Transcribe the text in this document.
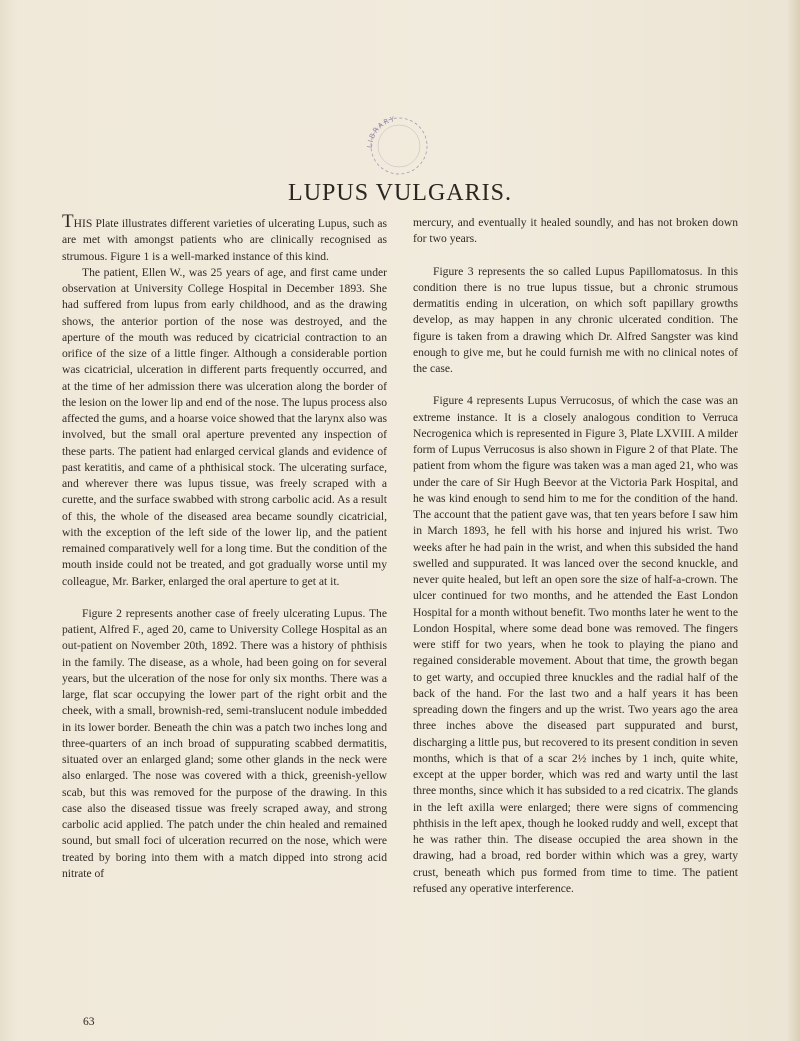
LIBRARY
LUPUS VULGARIS.

THIS Plate illustrates different varieties of ulcerating Lupus, such as are met with amongst patients who are clinically recognised as strumous. Figure 1 is a well-marked instance of this kind.

The patient, Ellen W., was 25 years of age, and first came under observation at University College Hospital in December 1893. She had suffered from lupus from early childhood, and as the drawing shows, the anterior portion of the nose was destroyed, and the aperture of the mouth was reduced by cicatricial contraction to an orifice of the size of a little finger. Although a considerable portion was cicatricial, ulceration in different parts frequently occurred, and at the time of her admission there was ulceration along the border of the lesion on the lower lip and end of the nose. The lupus process also affected the gums, and a hoarse voice showed that the larynx also was involved, but the small oral aperture prevented any inspection of these parts. The patient had enlarged cervical glands and evidence of past keratitis, and came of a phthisical stock. The ulcerating surface, and wherever there was lupus tissue, was freely scraped with a curette, and the surface swabbed with strong carbolic acid. As a result of this, the whole of the diseased area became soundly cicatricial, with the exception of the left side of the lower lip, and the patient remained comparatively well for a long time. But the condition of the mouth inside could not be treated, and got gradually worse until my colleague, Mr. Barker, enlarged the oral aperture to get at it.

Figure 2 represents another case of freely ulcerating Lupus. The patient, Alfred F., aged 20, came to University College Hospital as an out-patient on November 20th, 1892. There was a history of phthisis in the family. The disease, as a whole, had been going on for several years, but the ulceration of the nose for only six months. There was a large, flat scar occupying the lower part of the right orbit and the cheek, with a small, brownish-red, semi-translucent nodule imbedded in its lower border. Beneath the chin was a patch two inches long and three-quarters of an inch broad of suppurating scabbed dermatitis, situated over an enlarged gland; some other glands in the neck were also enlarged. The nose was covered with a thick, greenish-yellow scab, but this was removed for the purpose of the drawing. In this case also the diseased tissue was freely scraped away, and strong carbolic acid applied. The patch under the chin healed and remained sound, but small foci of ulceration recurred on the nose, which were treated by boring into them with a match dipped into strong acid nitrate of

63

mercury, and eventually it healed soundly, and has not broken down for two years.

Figure 3 represents the so called Lupus Papillomatosus. In this condition there is no true lupus tissue, but a chronic strumous dermatitis ending in ulceration, on which soft papillary growths develop, as may happen in any chronic ulcerated condition. The figure is taken from a drawing which Dr. Alfred Sangster was kind enough to give me, but he could furnish me with no clinical notes of the case.

Figure 4 represents Lupus Verrucosus, of which the case was an extreme instance. It is a closely analogous condition to Verruca Necrogenica which is represented in Figure 3, Plate LXVIII. A milder form of Lupus Verrucosus is also shown in Figure 2 of that Plate. The patient from whom the figure was taken was a man aged 21, who was under the care of Sir Hugh Beevor at the Victoria Park Hospital, and he was kind enough to send him to me for the condition of the hand. The account that the patient gave was, that ten years before I saw him in March 1893, he fell with his horse and injured his wrist. Two weeks after he had pain in the wrist, and when this subsided the hand swelled and suppurated. It was lanced over the second knuckle, and never quite healed, but left an open sore the size of half-a-crown. The ulcer continued for two months, and he attended the East London Hospital for a month without benefit. Two months later he went to the London Hospital, where some dead bone was removed. The fingers were stiff for two years, when he took to playing the piano and regained considerable movement. About that time, the growth began to get warty, and occupied three knuckles and the radial half of the back of the hand. For the last two and a half years it has been spreading down the fingers and up the wrist. Two years ago the area three inches above the diseased part suppurated and burst, discharging a little pus, but recovered to its present condition in seven months, which is that of a scar 2½ inches by 1 inch, quite white, except at the upper border, which was red and warty until the last three months, since which it has subsided to a red cicatrix. The glands in the left axilla were enlarged; there were signs of commencing phthisis in the left apex, though he looked ruddy and well, except that he was rather thin. The disease occupied the area shown in the drawing, had a broad, red border within which was a grey, warty crust, beneath which pus formed from time to time. The patient refused any operative interference.
